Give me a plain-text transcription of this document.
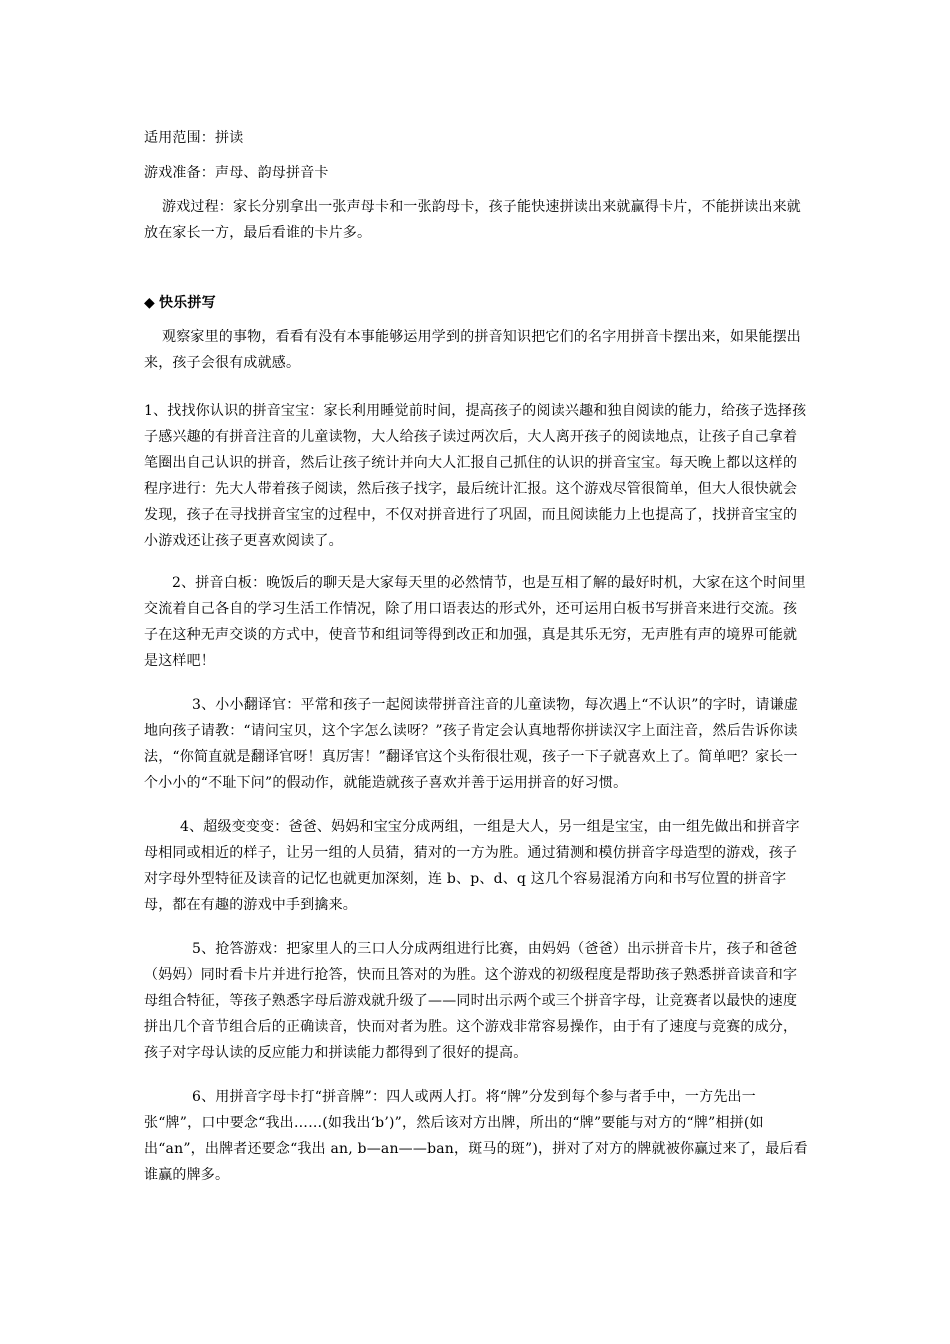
适用范围：拼读

游戏准备：声母、韵母拼音卡

游戏过程：家长分别拿出一张声母卡和一张韵母卡，孩子能快速拼读出来就赢得卡片，不能拼读出来就放在家长一方，最后看谁的卡片多。

◆ 快乐拼写

观察家里的事物，看看有没有本事能够运用学到的拼音知识把它们的名字用拼音卡摆出来，如果能摆出来，孩子会很有成就感。

1、找找你认识的拼音宝宝：家长利用睡觉前时间，提高孩子的阅读兴趣和独自阅读的能力，给孩子选择孩子感兴趣的有拼音注音的儿童读物，大人给孩子读过两次后，大人离开孩子的阅读地点，让孩子自己拿着笔圈出自己认识的拼音，然后让孩子统计并向大人汇报自己抓住的认识的拼音宝宝。每天晚上都以这样的程序进行：先大人带着孩子阅读，然后孩子找字，最后统计汇报。这个游戏尽管很简单，但大人很快就会发现，孩子在寻找拼音宝宝的过程中，不仅对拼音进行了巩固，而且阅读能力上也提高了，找拼音宝宝的小游戏还让孩子更喜欢阅读了。

2、拼音白板：晚饭后的聊天是大家每天里的必然情节，也是互相了解的最好时机，大家在这个时间里交流着自己各自的学习生活工作情况，除了用口语表达的形式外，还可运用白板书写拼音来进行交流。孩子在这种无声交谈的方式中，使音节和组词等得到改正和加强，真是其乐无穷，无声胜有声的境界可能就是这样吧！

3、小小翻译官：平常和孩子一起阅读带拼音注音的儿童读物，每次遇上“不认识”的字时，请谦虚地向孩子请教：“请问宝贝，这个字怎么读呀？”孩子肯定会认真地帮你拼读汉字上面注音，然后告诉你读法，“你简直就是翻译官呀！真厉害！”翻译官这个头衔很壮观，孩子一下子就喜欢上了。简单吧？家长一个小小的“不耻下问”的假动作，就能造就孩子喜欢并善于运用拼音的好习惯。

4、超级变变变：爸爸、妈妈和宝宝分成两组，一组是大人，另一组是宝宝，由一组先做出和拼音字母相同或相近的样子，让另一组的人员猜，猜对的一方为胜。通过猜测和模仿拼音字母造型的游戏，孩子对字母外型特征及读音的记忆也就更加深刻，连 b、p、d、q 这几个容易混淆方向和书写位置的拼音字母，都在有趣的游戏中手到擒来。

5、抢答游戏：把家里人的三口人分成两组进行比赛，由妈妈（爸爸）出示拼音卡片，孩子和爸爸（妈妈）同时看卡片并进行抢答，快而且答对的为胜。这个游戏的初级程度是帮助孩子熟悉拼音读音和字母组合特征，等孩子熟悉字母后游戏就升级了——同时出示两个或三个拼音字母，让竞赛者以最快的速度拼出几个音节组合后的正确读音，快而对者为胜。这个游戏非常容易操作，由于有了速度与竞赛的成分，孩子对字母认读的反应能力和拼读能力都得到了很好的提高。

6、用拼音字母卡打“拼音牌”：四人或两人打。将“牌”分发到每个参与者手中，一方先出一张“牌”，口中要念“我出……(如我出‘b’)”，然后该对方出牌，所出的“牌”要能与对方的“牌”相拼(如出“an”，出牌者还要念“我出 an, b—an——ban，斑马的斑”)，拼对了对方的牌就被你赢过来了，最后看谁赢的牌多。
